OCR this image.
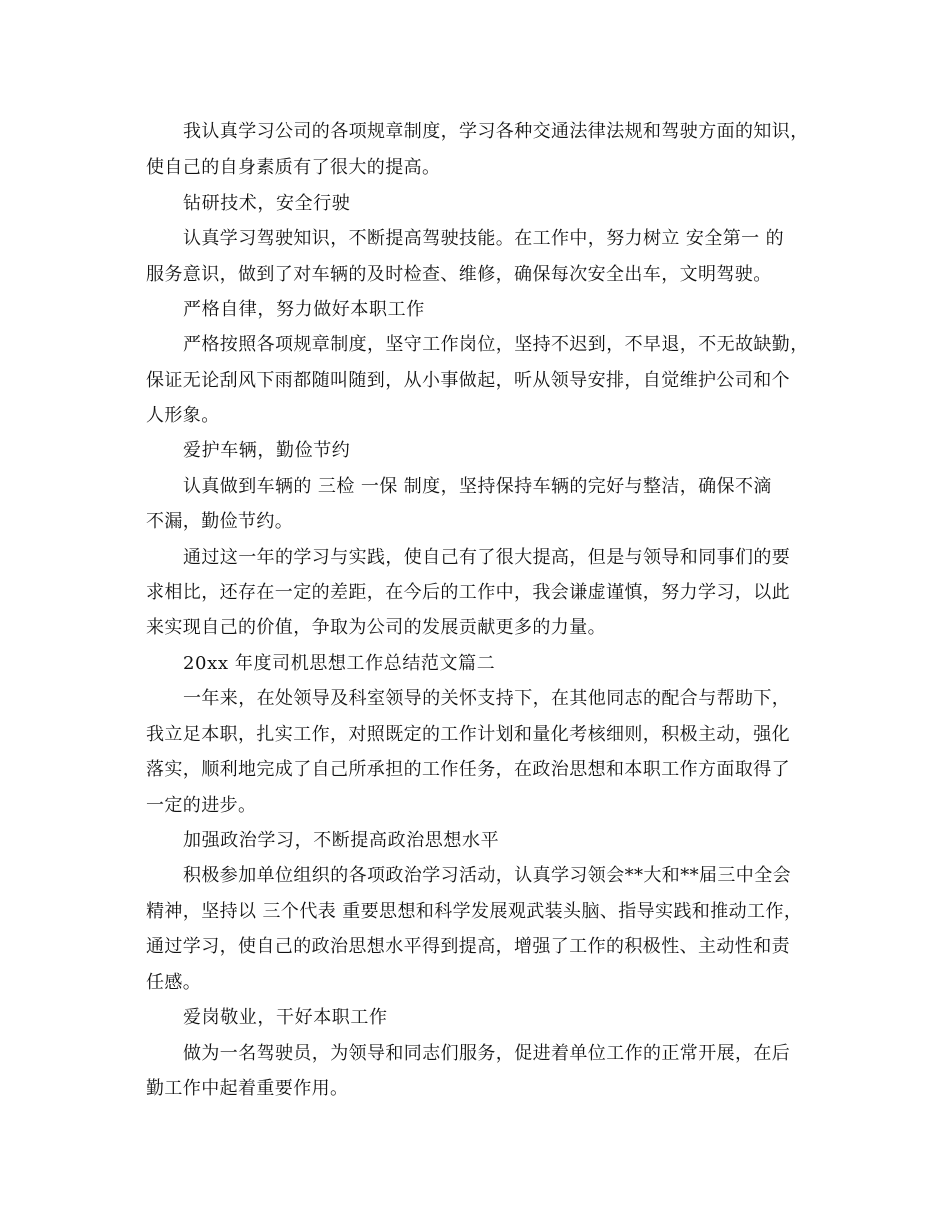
我认真学习公司的各项规章制度，学习各种交通法律法规和驾驶方面的知识，
使自己的自身素质有了很大的提高。
钻研技术，安全行驶
认真学习驾驶知识，不断提高驾驶技能。在工作中，努力树立 安全第一 的
服务意识，做到了对车辆的及时检查、维修，确保每次安全出车，文明驾驶。
严格自律，努力做好本职工作
严格按照各项规章制度，坚守工作岗位，坚持不迟到，不早退，不无故缺勤，
保证无论刮风下雨都随叫随到，从小事做起，听从领导安排，自觉维护公司和个
人形象。
爱护车辆，勤俭节约
认真做到车辆的 三检 一保 制度，坚持保持车辆的完好与整洁，确保不滴
不漏，勤俭节约。
通过这一年的学习与实践，使自己有了很大提高，但是与领导和同事们的要
求相比，还存在一定的差距，在今后的工作中，我会谦虚谨慎，努力学习，以此
来实现自己的价值，争取为公司的发展贡献更多的力量。
20xx 年度司机思想工作总结范文篇二
一年来，在处领导及科室领导的关怀支持下，在其他同志的配合与帮助下，
我立足本职，扎实工作，对照既定的工作计划和量化考核细则，积极主动，强化
落实，顺利地完成了自己所承担的工作任务，在政治思想和本职工作方面取得了
一定的进步。
加强政治学习，不断提高政治思想水平
积极参加单位组织的各项政治学习活动，认真学习领会**大和**届三中全会
精神，坚持以 三个代表 重要思想和科学发展观武装头脑、指导实践和推动工作，
通过学习，使自己的政治思想水平得到提高，增强了工作的积极性、主动性和责
任感。
爱岗敬业，干好本职工作
做为一名驾驶员，为领导和同志们服务，促进着单位工作的正常开展，在后
勤工作中起着重要作用。
